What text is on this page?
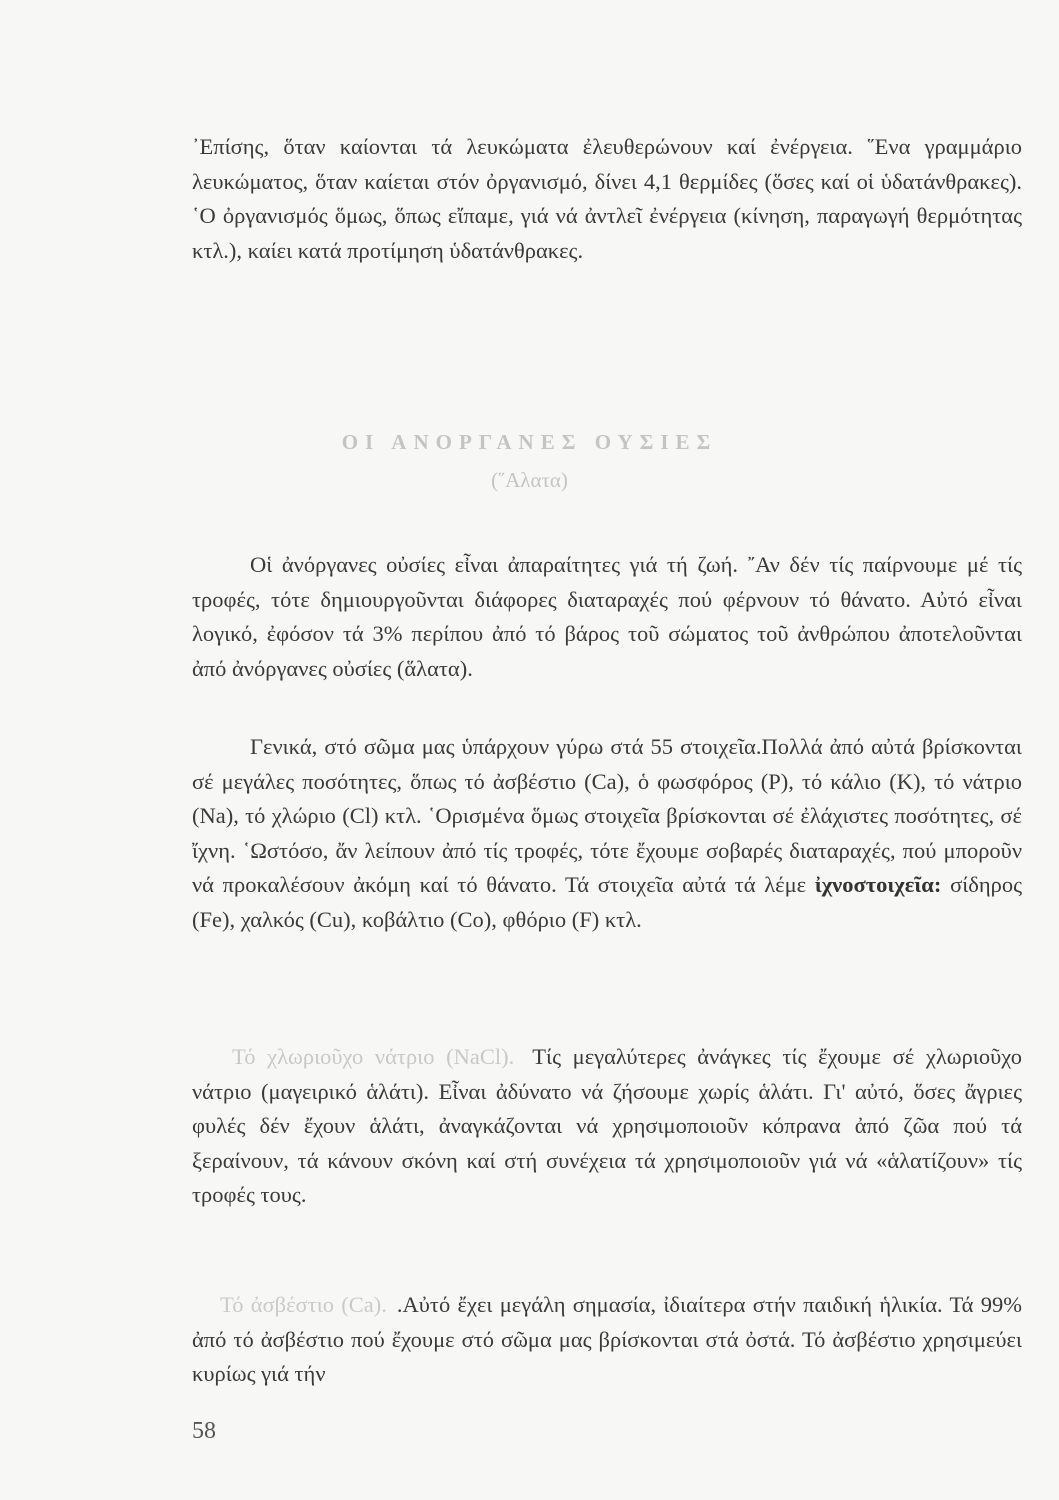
᾿Επίσης, ὅταν καίονται τά λευκώματα ἐλευθερώνουν καί ἐνέργεια. ῞Ενα γραμμάριο λευκώματος, ὅταν καίεται στόν ὀργανισμό, δίνει 4,1 θερμίδες (ὅσες καί οἱ ὑδατάνθρακες). ῾Ο ὀργανισμός ὅμως, ὅπως εἴπαμε, γιά νά ἀντλεῖ ἐνέργεια (κίνηση, παραγωγή θερμότητας κτλ.), καίει κατά προτίμηση ὑδατάνθρακες.

ΟΙ ΑΝΟΡΓΑΝΕΣ ΟΥΣΙΕΣ
(῞Αλατα)

Οἱ ἀνόργανες οὐσίες εἶναι ἀπαραίτητες γιά τή ζωή. ῎Αν δέν τίς παίρνουμε μέ τίς τροφές, τότε δημιουργοῦνται διάφορες διαταραχές πού φέρνουν τό θάνατο. Αὐτό εἶναι λογικό, ἐφόσον τά 3% περίπου ἀπό τό βάρος τοῦ σώματος τοῦ ἀνθρώπου ἀποτελοῦνται ἀπό ἀνόργανες οὐσίες (ἅλατα).

Γενικά, στό σῶμα μας ὑπάρχουν γύρω στά 55 στοιχεῖα.Πολλά ἀπό αὐτά βρίσκονται σέ μεγάλες ποσότητες, ὅπως τό ἀσβέστιο (Ca), ὁ φωσφόρος (P), τό κάλιο (K), τό νάτριο (Na), τό χλώριο (Cl) κτλ. ῾Ορισμένα ὅμως στοιχεῖα βρίσκονται σέ ἐλάχιστες ποσότητες, σέ ἴχνη. ῾Ωστόσο, ἄν λείπουν ἀπό τίς τροφές, τότε ἔχουμε σοβαρές διαταραχές, πού μποροῦν νά προκαλέσουν ἀκόμη καί τό θάνατο. Τά στοιχεῖα αὐτά τά λέμε ἰχνοστοιχεῖα: σίδηρος (Fe), χαλκός (Cu), κοβάλτιο (Co), φθόριο (F) κτλ.

Τό χλωριοῦχο νάτριο (NaCl). Τίς μεγαλύτερες ἀνάγκες τίς ἔχουμε σέ χλωριοῦχο νάτριο (μαγειρικό ἁλάτι). Εἶναι ἀδύνατο νά ζήσουμε χωρίς ἁλάτι. Γι' αὐτό, ὅσες ἄγριες φυλές δέν ἔχουν ἁλάτι, ἀναγκάζονται νά χρησιμοποιοῦν κόπρανα ἀπό ζῶα πού τά ξεραίνουν, τά κάνουν σκόνη καί στή συνέχεια τά χρησιμοποιοῦν γιά νά «ἁλατίζουν» τίς τροφές τους.

Τό ἀσβέστιο (Ca). .Αὐτό ἔχει μεγάλη σημασία, ἰδιαίτερα στήν παιδική ἡλικία. Τά 99% ἀπό τό ἀσβέστιο πού ἔχουμε στό σῶμα μας βρίσκονται στά ὀστά. Τό ἀσβέστιο χρησιμεύει κυρίως γιά τήν

58
